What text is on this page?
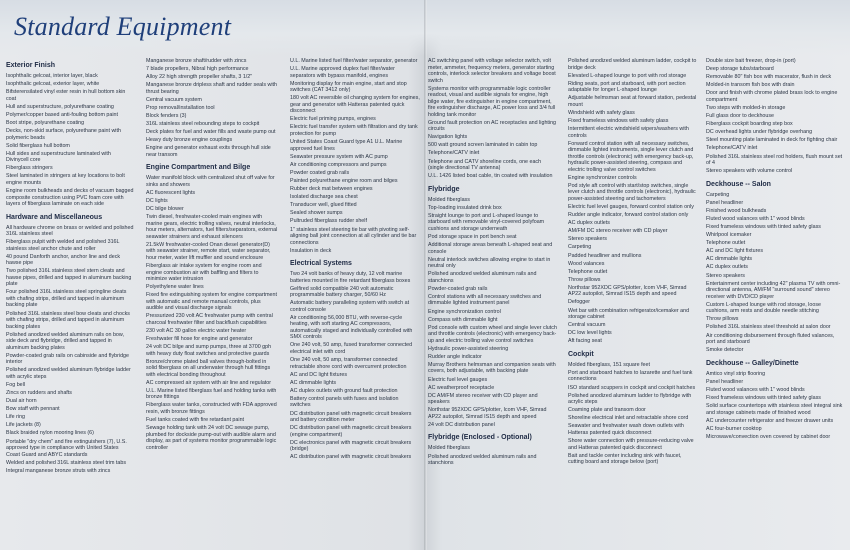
Standard Equipment
Exterior Finish
Isophthalic gelcoat, interior layer, black
Isophthalic gelcoat, exterior layer, white
Bifsterensilated vinyl ester resin in hull bottom skin coat
Hull and superstructure, polyurethane coating
Polymer/copper based anti-fouling bottom paint
Boot stripe, polyurethane coating
Decks, non-skid surface, polyurethane paint with polymeric beads
Solid fiberglass hull bottom
Hull sides and superstructure laminated with Divinycell core
Fiberglass stringers
Steel laminated in stringers at key locations to bolt engine mounts
Engine room bulkheads and decks of vacuum bagged composite construction using PVC foam core with layers of fiberglass laminate on each side
Hardware and Miscellaneous
All hardware chrome on brass or welded and polished 316L stainless steel
Fiberglass pulpit with welded and polished 316L stainless steel anchor chute and roller
40 pound Danforth anchor, anchor line and deck hawse pipe
Two polished 316L stainless steel stern cleats and hawse pipes, drilled and tapped in aluminum backing plate
Four polished 316L stainless steel springline cleats with chafing strips, drilled and tapped in aluminum backing plate
Polished 316L stainless steel bow cleats and chocks with chafing strips, drilled and tapped in aluminum backing plates
Polished anodized welded aluminum rails on bow, side deck and flybridge, drilled and tapped in aluminum backing plates
Powder-coated grab rails on cabinside and flybridge interior
Polished anodized welded aluminum flybridge ladder with acrylic steps
Fog bell
Zincs on rudders and shafts
Dual air horn
Bow staff with pennant
Life ring
Life jackets (8)
Black braided nylon mooring lines (6)
Portable "dry chem" and fire extinguishers (7), U.S. approved type in compliance with United States Coast Guard and ABYC standards
Welded and polished 316L stainless steel trim tabs
Integral manganese bronze struts with zincs
Manganese bronze shaft/rudder with zincs
7 blade propellers, Nibral high performance
Alloy 22 high strength propeller shafts, 3 1/2"
Manganese bronze dripless shaft and rudder seals with thrust bearing
Central vacuum system
Prop removal/installation tool
Block fenders (3)
316L stainless steel rebounding steps to cockpit
Deck plates for fuel and water fills and waste pump out
Heavy duty bronze engine couplings
Engine and generator exhaust exits through hull side near transom
Engine Compartment and Bilge
Water manifold block with centralized shut off valve for sinks and showers
AC fluorescent lights
DC lights
DC bilge blower
Twin diesel, freshwater-cooled main engines with marine gears, electric trolling valves, neutral interlocks, hour meters, alternators, fuel filters/separators, external seawater strainers and exhaust silencers
21.5kW freshwater-cooled Onan diesel generator(D) with seawater strainer, remote start, water separator, hour meter, water lift muffler and sound enclosure
Fiberglass air intake system for engine room and engine combustion air with baffling and filters to minimize water intrusion
Polyethylene water lines
Fixed fire extinguishing system for engine compartment with automatic and remote manual controls, plus audible and visual discharge signals
Pressurized 230 volt AC freshwater pump with central charcoal freshwater filter and backflush capabilities
230 volt AC 30 gallon electric water heater
Freshwater fill hose for engine and generator
24 volt DC bilge and sump pumps, three at 3700 gph with heavy duty float switches and protective guards
Bronze/chrome plated ball valves through-bolted in solid fiberglass on all underwater through hull fittings with electrical bonding throughout
AC compressed air system with air line and regulator
U.L. Marine listed fiberglass fuel and holding tanks with bronze fittings
Fiberglass water tanks, constructed with FDA approved resin, with bronze fittings
Fuel tanks coated with fire retardant paint
Sewage holding tank with 24 volt DC sewage pump, plumbed for dockside pump-out with audible alarm and display, as part of systems monitor programmable logic controller
U.L. Marine listed fuel filter/water separator, generator
U.L. Marine approved duplex fuel filter/water separators with bypass manifold, engines
Monitoring display for main engine, start and stop switches (CAT 3412 only)
180 volt AC reversible oil changing system for engines, gear and generator with Hatteras patented quick disconnect
Electric fuel priming pumps, engines
Electric fuel transfer system with filtration and dry tank protection for pump
United States Coast Guard type A1 U.L. Marine approved fuel lines
Seawater pressure system with AC pump
Air conditioning compressors and pumps
Powder coated grab rails
Painted polyurethane engine room and bilges
Rubber deck mat between engines
Isolated discharge sea chest
Transducer well, glued fitted
Sealed shower sumps
Pultruded fiberglass rudder shelf
1" stainless steel steering tie bar with pivoting self-aligning ball joint connection at all cylinder and tie bar connections
Insulation in deck
Electrical Systems
Two 24 volt banks of heavy duty, 12 volt marine batteries mounted in fire retardant fiberglass boxes
Gelfired solid compatible 240 volt automatic programmable battery charger, 50/60 Hz
Automatic battery paralleling system with switch at control console
Air conditioning 56,000 BTU, with reverse-cycle heating, with soft starting AC compressors, automatically staged and individually controlled with SMX controls
One 240 volt, 50 amp, fused transformer connected electrical inlet with cord
One 240 volt, 50 amp, transformer connected retractable shore cord with overcurrent protection
AC and DC light fixtures
AC dimmable lights
AC duplex outlets with ground fault protection
Battery control panels with fuses and isolation switches
DC distribution panel with magnetic circuit breakers and battery condition meter
DC distribution panel with magnetic circuit breakers (engine compartment)
DC electronics panel with magnetic circuit breakers (bridge)
AC distribution panel with magnetic circuit breakers
AC switching panel with voltage selector switch, volt meter, ammeter, frequency meters, generator starting controls, interlock selector breakers and voltage boost switch
Systems monitor with programmable logic controller readout, visual and audible signals for engine, high bilge water, fire extinguisher in engine compartment, fire extinguisher discharge, AC power loss and 3/4 full holding tank monitor
Ground fault protection on AC receptacles and lighting circuits
Navigation lights
500 watt ground screen laminated in cabin top
Telephone/CATV inlet
Telephone and CATV shoreline cords, one each (single directional TV antenna)
U.L. 1426 listed boat cable, tin coated with insulation
Flybridge
Molded fiberglass
Top-loading insulated drink box
Straight lounge to port and L-shaped lounge to starboard with removable vinyl-covered polyfoam cushions and storage underneath
Pod storage space in port bench seat
Additional storage areas beneath L-shaped seat and console
Neutral interlock switches allowing engine to start in neutral only
Polished anodized welded aluminum rails and stanchions
Powder-coated grab rails
Control stations with all necessary switches and dimmable lighted instrument panel
Engine synchronization control
Compass with dimmable light
Pod console with custom wheel and single lever clutch and throttle controls (electronic) with emergency back-up and electric trolling valve control switches
Hydraulic power-assisted steering
Rudder angle indicator
Murray Brothers helmsman and companion seats with covers, both adjustable, with backing plate
Electric fuel level gauges
AC weatherproof receptacle
DC AM/FM stereo receiver with CD player and speakers
Northstar 952XDC GPS/plotter, Icom VHF, Simrad AP22 autopilot, Simrad IS15 depth and speed
24 volt DC distribution panel
Flybridge (Enclosed - Optional)
Molded fiberglass
Polished anodized welded aluminum rails and stanchions
Polished anodized welded aluminum ladder, cockpit to bridge deck
Elevated L-shaped lounge to port with rod storage
Riding seats, port and starboard, with port section adaptable for longer L-shaped lounge
Adjustable helmsman seat at forward station, pedestal mount
Windshield with safety glass
Fixed frameless windows with safety glass
Intermittent electric windshield wipers/washers with controls
Forward control station with all necessary switches, dimmable lighted instruments, single lever clutch and throttle controls (electronic) with emergency back-up, hydraulic power-assisted steering, compass and electric trolling valve control switches
Engine synchronizer controls
Pod style aft control with start/stop switches, single lever clutch and throttle controls (electronic), hydraulic power-assisted steering and tachometers
Electric fuel level gauges, forward control station only
Rudder angle indicator, forward control station only
AC duplex outlets
AM/FM DC stereo receiver with CD player
Stereo speakers
Carpeting
Padded headliner and mullions
Wood valances
Telephone outlet
Throw pillows
Northstar 952XDC GPS/plotter, Icom VHF, Simrad AP22 autopilot, Simrad IS15 depth and speed
Defogger
Wet bar with combination refrigerator/icemaker and storage cabinet
Central vacuum
DC low level lights
Aft facing seat
Cockpit
Molded fiberglass, 151 square feet
Port and starboard hatches to lazarette and fuel tank connections
ISO standard scuppers in cockpit and cockpit hatches
Polished anodized aluminum ladder to flybridge with acrylic steps
Coaming plate and transom door
Shoreline electrical inlet and retractable shore cord
Seawater and freshwater wash down outlets with Hatteras patented quick disconnect
Shore water connection with pressure-reducing valve and Hatteras patented quick disconnect
Bait and tackle center including sink with faucet, cutting board and storage below (port)
Double size bait freezer, drop-in (port)
Deep storage tubs/starboard
Removable 80" fish box with macerator, flush in deck
Molded-in transom fish box with drain
Door and finish with chrome plated brass lock to engine compartment
Two steps with molded-in storage
Full glass door to deckhouse
Fiberglass cockpit boarding step box
DC overhead lights under flybridge overhang
Steel mounting plate laminated in deck for fighting chair
Telephone/CATV inlet
Polished 316L stainless steel rod holders, flush mount set of 4
Stereo speakers with volume control
Deckhouse -- Salon
Carpeting
Panel headliner
Finished wood bulkheads
Fluted wood valances with 1" wood blinds
Fixed frameless windows with tinted safety glass
Whirlpool icemaker
Telephone outlet
AC and DC light fixtures
AC dimmable lights
AC duplex outlets
Stereo speakers
Entertainment center including 42" plasma TV with omni-directional antenna, AM/FM "surround sound" stereo receiver with DVD/CD player
Custom L-shaped lounge with rod storage, loose cushions, arm rests and double needle stitching
Throw pillows
Polished 316L stainless steel threshold at salon door
Air conditioning disbursement through fluted valances, port and starboard
Smoke detector
Deckhouse -- Galley/Dinette
Amtico vinyl strip flooring
Panel headliner
Fluted wood valances with 1" wood blinds
Fixed frameless windows with tinted safety glass
Solid surface countertops with stainless steel integral sink and storage cabinets made of finished wood
AC undercounter refrigerator and freezer drawer units
AC four-burner cooktop
Microwave/convection oven covered by cabinet door
